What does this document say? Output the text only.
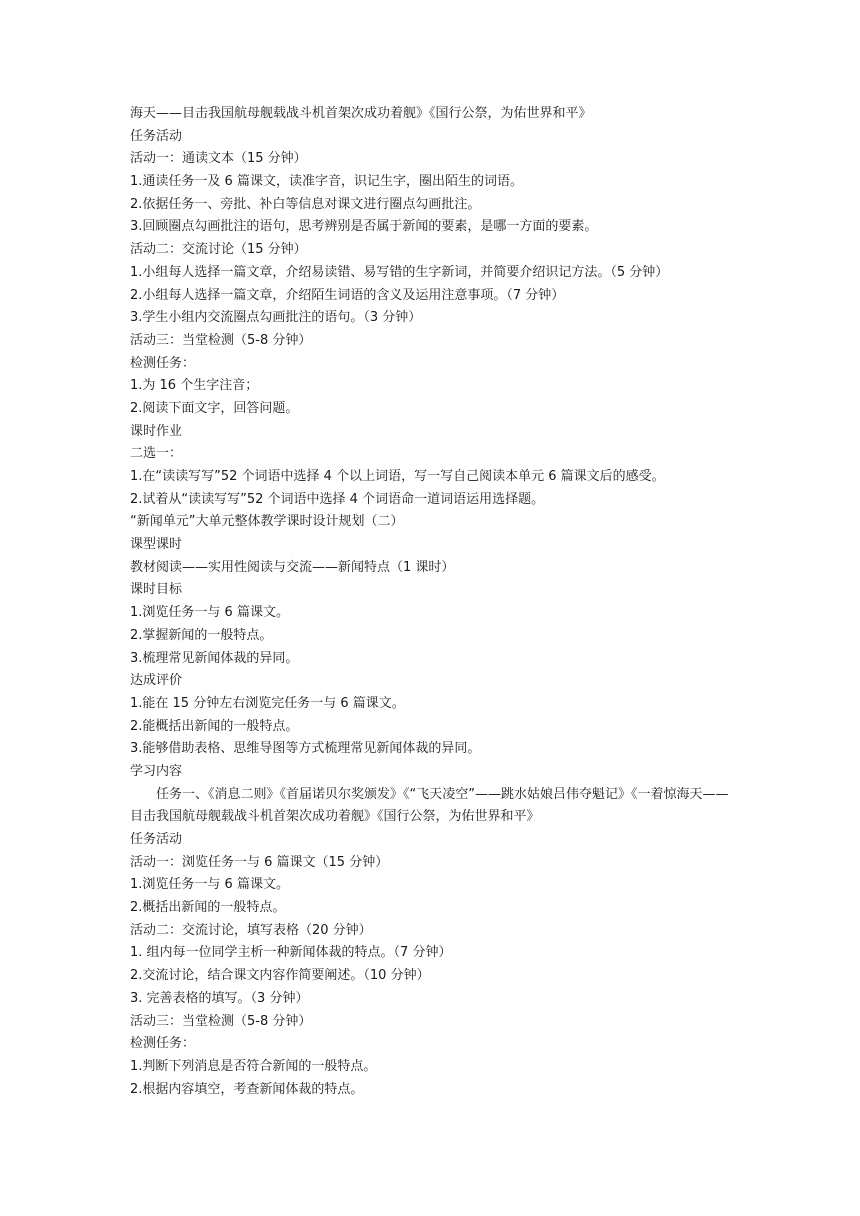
海天——目击我国航母舰载战斗机首架次成功着舰》《国行公祭，为佑世界和平》
任务活动
活动一：通读文本（15 分钟）
1.通读任务一及 6 篇课文，读准字音，识记生字，圈出陌生的词语。
2.依据任务一、旁批、补白等信息对课文进行圈点勾画批注。
3.回顾圈点勾画批注的语句，思考辨别是否属于新闻的要素，是哪一方面的要素。
活动二：交流讨论（15 分钟）
1.小组每人选择一篇文章，介绍易读错、易写错的生字新词，并简要介绍识记方法。（5 分钟）
2.小组每人选择一篇文章，介绍陌生词语的含义及运用注意事项。（7 分钟）
3.学生小组内交流圈点勾画批注的语句。（3 分钟）
活动三：当堂检测（5-8 分钟）
检测任务：
1.为 16 个生字注音；
2.阅读下面文字，回答问题。
课时作业
二选一：
1.在“读读写写”52 个词语中选择 4 个以上词语，写一写自己阅读本单元 6 篇课文后的感受。
2.试着从“读读写写”52 个词语中选择 4 个词语命一道词语运用选择题。
“新闻单元”大单元整体教学课时设计规划（二）
课型课时
教材阅读——实用性阅读与交流——新闻特点（1 课时）
课时目标
1.浏览任务一与 6 篇课文。
2.掌握新闻的一般特点。
3.梳理常见新闻体裁的异同。
达成评价
1.能在 15 分钟左右浏览完任务一与 6 篇课文。
2.能概括出新闻的一般特点。
3.能够借助表格、思维导图等方式梳理常见新闻体裁的异同。
学习内容
任务一、《消息二则》《首届诺贝尔奖颁发》《“飞天凌空”——跳水姑娘吕伟夺魁记》《一着惊海天——目击我国航母舰载战斗机首架次成功着舰》《国行公祭，为佑世界和平》
任务活动
活动一：浏览任务一与 6 篇课文（15 分钟）
1.浏览任务一与 6 篇课文。
2.概括出新闻的一般特点。
活动二：交流讨论，填写表格（20 分钟）
1. 组内每一位同学主析一种新闻体裁的特点。（7 分钟）
2.交流讨论，结合课文内容作简要阐述。（10 分钟）
3. 完善表格的填写。（3 分钟）
活动三：当堂检测（5-8 分钟）
检测任务：
1.判断下列消息是否符合新闻的一般特点。
2.根据内容填空，考查新闻体裁的特点。
